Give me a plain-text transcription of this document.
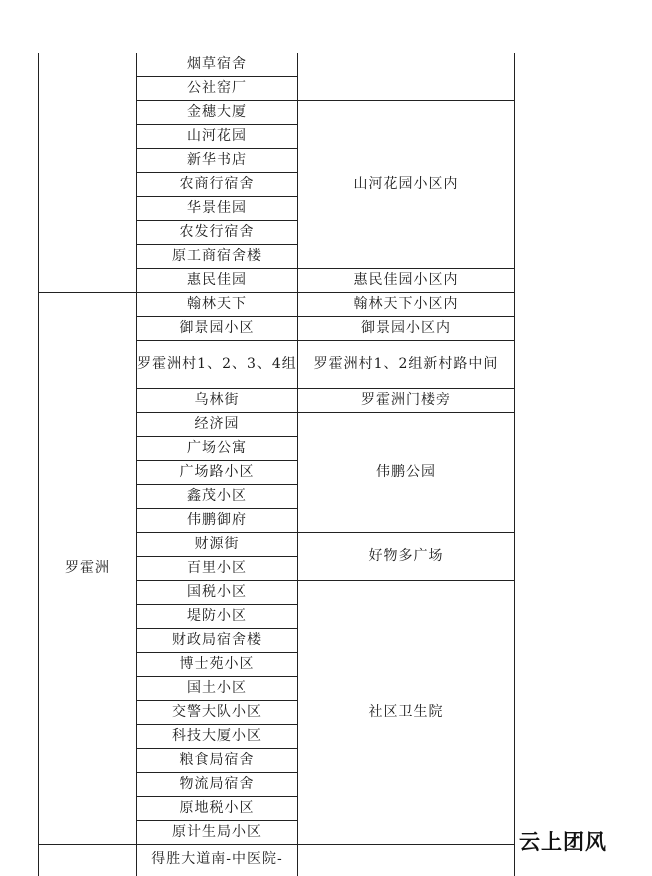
	烟草宿舍	
	公社窑厂	
	金穗大厦	山河花园小区内
	山河花园	
	新华书店	
	农商行宿舍	
	华景佳园	
	农发行宿舍	
	原工商宿舍楼	
	惠民佳园	惠民佳园小区内
罗霍洲	翰林天下	翰林天下小区内
	御景园小区	御景园小区内
	罗霍洲村1、2、3、4组	罗霍洲村1、2组新村路中间
	乌林街	罗霍洲门楼旁
	经济园	伟鹏公园
	广场公寓	
	广场路小区	
	鑫茂小区	
	伟鹏御府	
	财源街	好物多广场
	百里小区	
	国税小区	社区卫生院
	堤防小区	
	财政局宿舍楼	
	博士苑小区	
	国土小区	
	交警大队小区	
	科技大厦小区	
	粮食局宿舍	
	物流局宿舍	
	原地税小区	
	原计生局小区	
	得胜大道南-中医院-	
云上团风
